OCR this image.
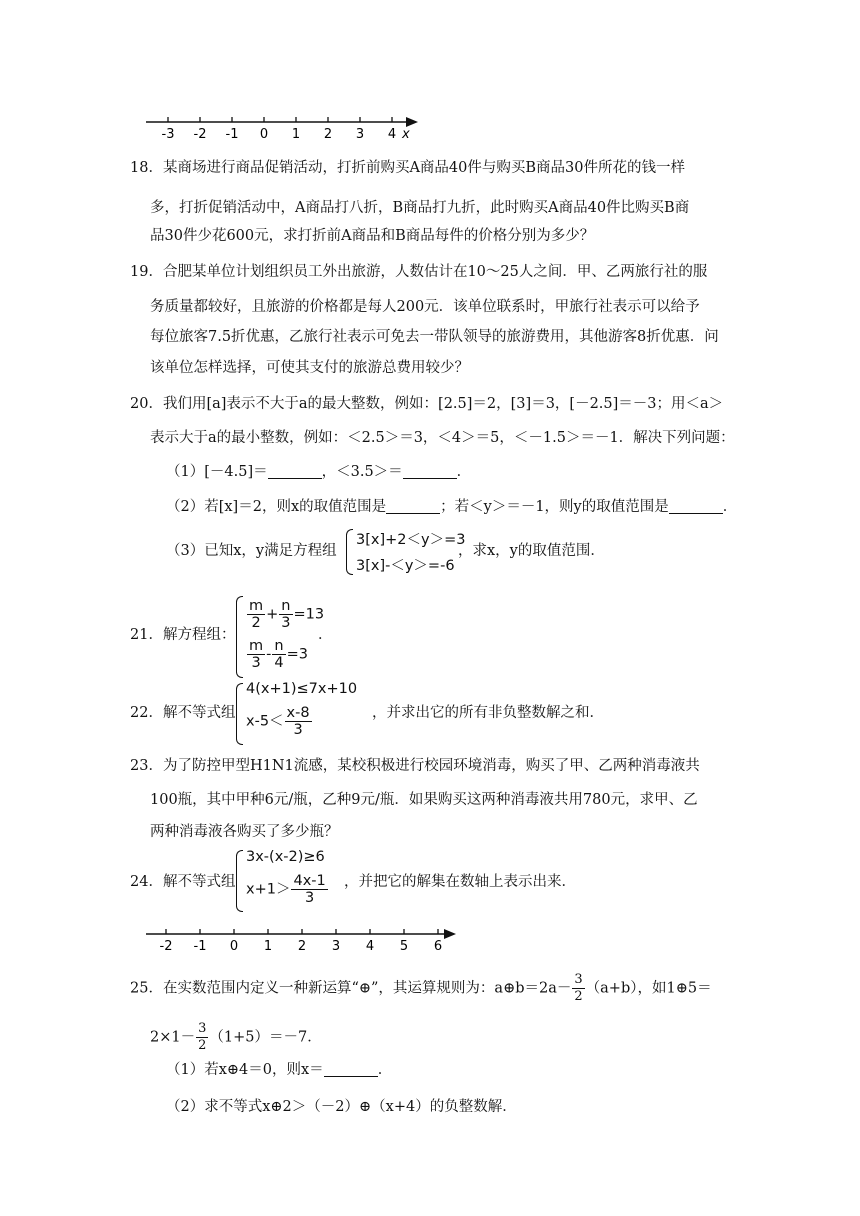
-3 -2 -1 0 1 2 3 4 x
18．某商场进行商品促销活动，打折前购买A商品40件与购买B商品30件所花的钱一样
多，打折促销活动中，A商品打八折，B商品打九折，此时购买A商品40件比购买B商
品30件少花600元，求打折前A商品和B商品每件的价格分别为多少？
19．合肥某单位计划组织员工外出旅游，人数估计在10～25人之间．甲、乙两旅行社的服
务质量都较好，且旅游的价格都是每人200元．该单位联系时，甲旅行社表示可以给予
每位旅客7.5折优惠，乙旅行社表示可免去一带队领导的旅游费用，其他游客8折优惠．问
该单位怎样选择，可使其支付的旅游总费用较少？
20．我们用[a]表示不大于a的最大整数，例如：[2.5]＝2，[3]＝3，[－2.5]＝－3；用＜a＞
表示大于a的最小整数，例如：＜2.5＞＝3，＜4＞＝5，＜－1.5＞＝－1．解决下列问题：
（1）[－4.5]＝	，＜3.5＞＝	．
（2）若[x]＝2，则x的取值范围是	；若＜y＞＝－1，则y的取值范围是	．
（3）已知x，y满足方程组
3[x]+2＜y＞=3
3[x]-＜y＞=-6
，求x，y的取值范围．
21．解方程组：
$\frac{m}{2} + \frac{n}{3} =13$
$\frac{m}{3} - \frac{n}{4} =3$
．
22．解不等式组
4(x+1)≤7x+10
$x-5< \frac{x-8}{3}$	，并求出它的所有非负整数解之和．
23．为了防控甲型H1N1流感，某校积极进行校园环境消毒，购买了甲、乙两种消毒液共
100瓶，其中甲种6元/瓶，乙种9元/瓶．如果购买这两种消毒液共用780元，求甲、乙
两种消毒液各购买了多少瓶？
24．解不等式组
3x-(x-2)≥6
$x+1> \frac{4x-1}{3}$ ，并把它的解集在数轴上表示出来．
-2 -1 0 1 2 3 4 5 6
25．在实数范围内定义一种新运算“⊕”，其运算规则为：a⊕b＝2a－ $\frac{3}{2} (a+b)$，如1⊕5＝
$2\times 1- \frac{3}{2} (1+5)=-7$．
（1）若x⊕4＝0，则x＝	．
（2）求不等式x⊕2＞（－2）⊕（x+4）的负整数解．
